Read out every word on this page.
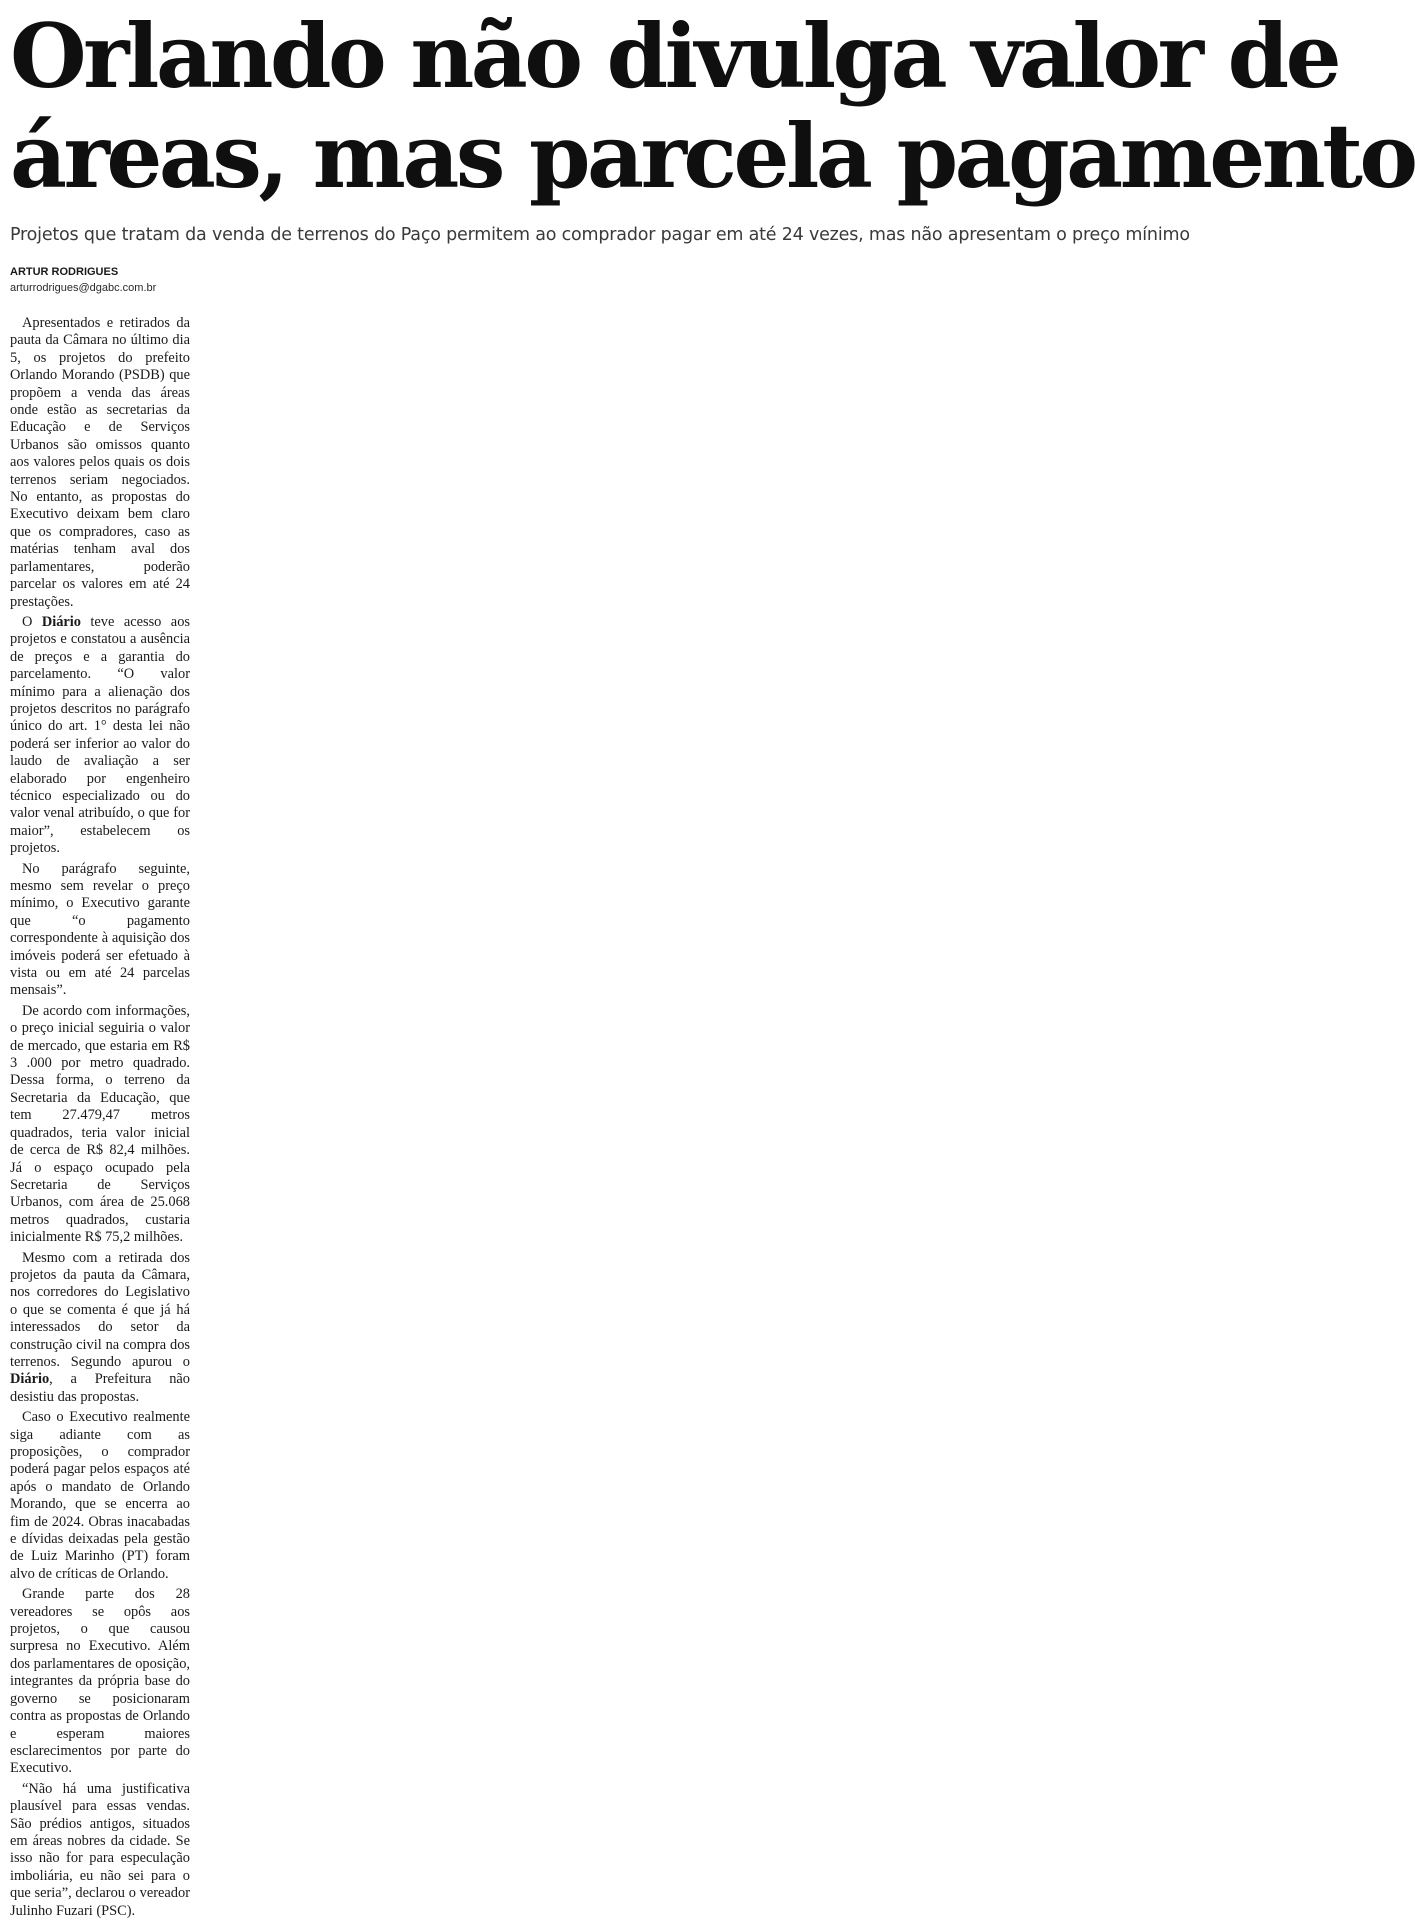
Orlando não divulga valor de
áreas, mas parcela pagamento

Projetos que tratam da venda de terrenos do Paço permitem ao comprador pagar em até 24 vezes, mas não apresentam o preço mínimo

ARTUR RODRIGUES
arturrodrigues@dgabc.com.br

Apresentados e retirados da pauta da Câmara no último dia 5, os projetos do prefeito Orlando Morando (PSDB) que propõem a venda das áreas onde estão as secretarias da Educação e de Serviços Urbanos são omissos quanto aos valores pelos quais os dois terrenos seriam negociados. No entanto, as propostas do Executivo deixam bem claro que os compradores, caso as matérias tenham aval dos parlamentares, poderão parcelar os valores em até 24 prestações.

O Diário teve acesso aos projetos e constatou a ausência de preços e a garantia do parcelamento. “O valor mínimo para a alienação dos projetos descritos no parágrafo único do art. 1° desta lei não poderá ser inferior ao valor do laudo de avaliação a ser elaborado por engenheiro técnico especializado ou do valor venal atribuído, o que for maior”, estabelecem os projetos.

No parágrafo seguinte, mesmo sem revelar o preço mínimo, o Executivo garante que “o pagamento correspondente à aquisição dos imóveis poderá ser efetuado à vista ou em até 24 parcelas mensais”.

De acordo com informações, o preço inicial seguiria o valor de mercado, que estaria em R$ 3 .000 por metro quadrado. Dessa forma, o terreno da Secretaria da Educação, que tem 27.479,47 metros quadrados, teria valor inicial de cerca de R$ 82,4 milhões. Já o espaço ocupado pela Secretaria de Serviços Urbanos, com área de 25.068 metros quadrados, custaria inicialmente R$ 75,2 milhões.

Mesmo com a retirada dos projetos da pauta da Câmara, nos corredores do Legislativo o que se comenta é que já há interessados do setor da construção civil na compra dos terrenos. Segundo apurou o Diário, a Prefeitura não desistiu das propostas.

Caso o Executivo realmente siga adiante com as proposições, o comprador poderá pagar pelos espaços até após o mandato de Orlando Morando, que se encerra ao fim de 2024. Obras inacabadas e dívidas deixadas pela gestão de Luiz Marinho (PT) foram alvo de críticas de Orlando.

Grande parte dos 28 vereadores se opôs aos projetos, o que causou surpresa no Executivo. Além dos parlamentares de oposição, integrantes da própria base do governo se posicionaram contra as propostas de Orlando e esperam maiores esclarecimentos por parte do Executivo.

“Não há uma justificativa plausível para essas vendas. São prédios antigos, situados em áreas nobres da cidade. Se isso não for para especulação imboliária, eu não sei para o que seria”, declarou o vereador Julinho Fuzari (PSC).
